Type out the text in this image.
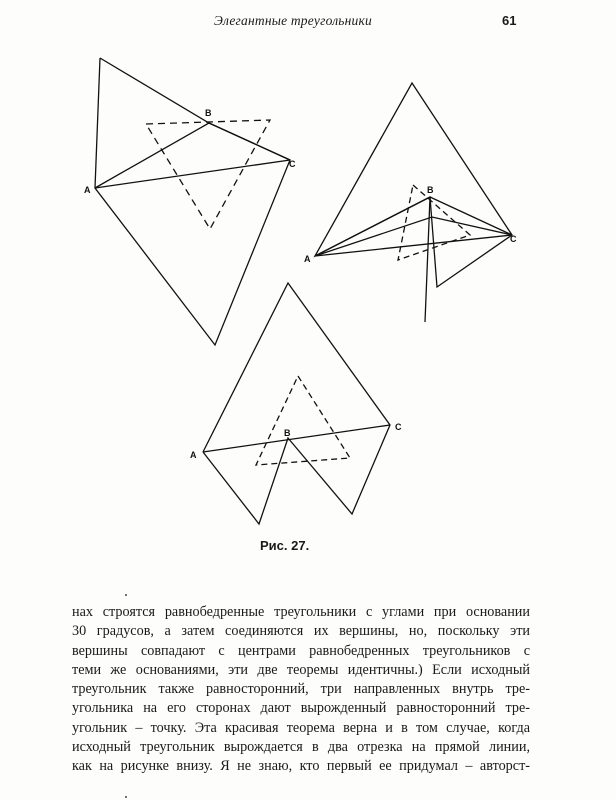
Элегантные треугольники	61
A
B
C
A
B
C
A
B
C
Рис. 27.
нах строятся равнобедренные треугольники с углами при основании
30 градусов, а затем соединяются их вершины, но, поскольку эти
вершины совпадают с центрами равнобедренных треугольников с
теми же основаниями, эти две теоремы идентичны.) Если исходный
треугольник также равносторонний, три направленных внутрь тре-
угольника на его сторонах дают вырожденный равносторонний тре-
угольник – точку. Эта красивая теорема верна и в том случае, когда
исходный треугольник вырождается в два отрезка на прямой линии,
как на рисунке внизу. Я не знаю, кто первый ее придумал – авторст-
